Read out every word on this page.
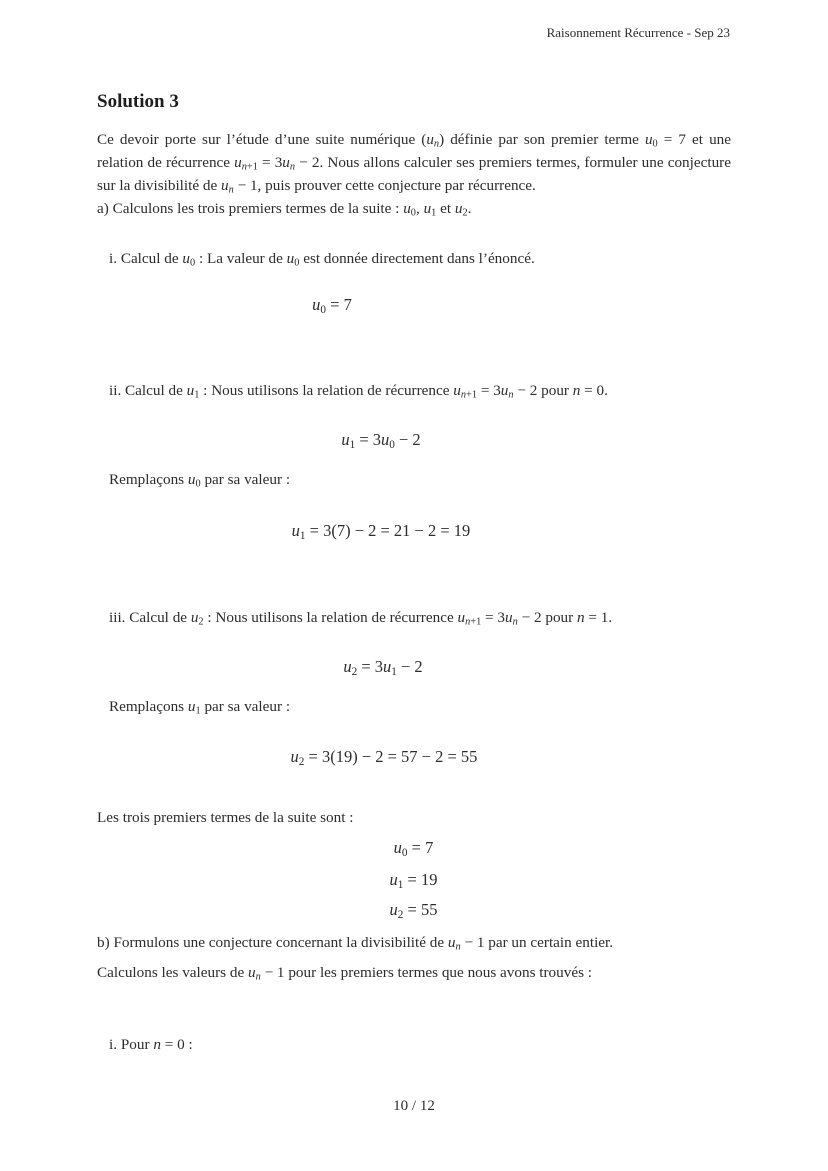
Raisonnement Récurrence - Sep 23
Solution 3

Ce devoir porte sur l’étude d’une suite numérique $(u_n)$ définie par son premier terme $u_0 = 7$ et une relation de récurrence $u_{n+1} = 3u_n - 2$. Nous allons calculer ses premiers termes, formuler une conjecture sur la divisibilité de $u_n - 1$, puis prouver cette conjecture par récurrence.

a) Calculons les trois premiers termes de la suite : $u_0$, $u_1$ et $u_2$.

i. Calcul de $u_0$ : La valeur de $u_0$ est donnée directement dans l’énoncé.

$u_0 = 7$

ii. Calcul de $u_1$ : Nous utilisons la relation de récurrence $u_{n+1} = 3u_n - 2$ pour n = 0.

$u_1 = 3u_0 - 2$

Remplaçons $u_0$ par sa valeur :

$u_1 = 3(7) - 2 = 21 - 2 = 19$

iii. Calcul de $u_2$ : Nous utilisons la relation de récurrence $u_{n+1} = 3u_n - 2$ pour n = 1.

$u_2 = 3u_1 - 2$

Remplaçons $u_1$ par sa valeur :

$u_2 = 3(19) - 2 = 57 - 2 = 55$

Les trois premiers termes de la suite sont :

$u_0 = 7$
$u_1 = 19$
$u_2 = 55$

b) Formulons une conjecture concernant la divisibilité de $u_n - 1$ par un certain entier.

Calculons les valeurs de $u_n - 1$ pour les premiers termes que nous avons trouvés :

i. Pour n = 0 :

10 / 12
